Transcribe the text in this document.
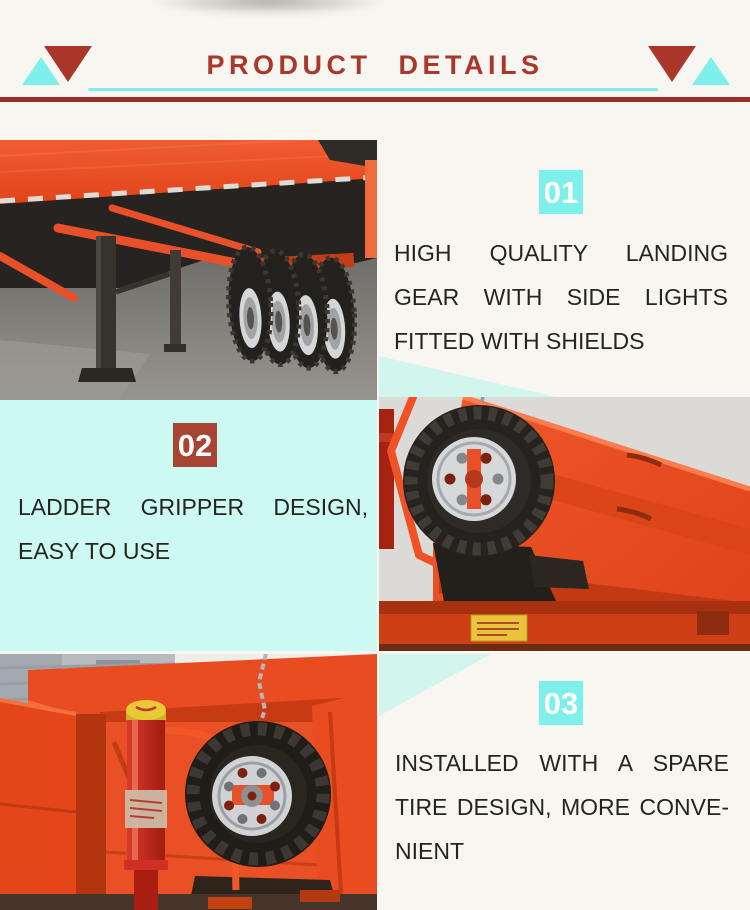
PRODUCT DETAILS
01
HIGH QUALITY LANDING
GEAR WITH SIDE LIGHTS
FITTED WITH SHIELDS
02
LADDER GRIPPER DESIGN,
EASY TO USE
03
INSTALLED WITH A SPARE
TIRE DESIGN, MORE CONVE-
NIENT
